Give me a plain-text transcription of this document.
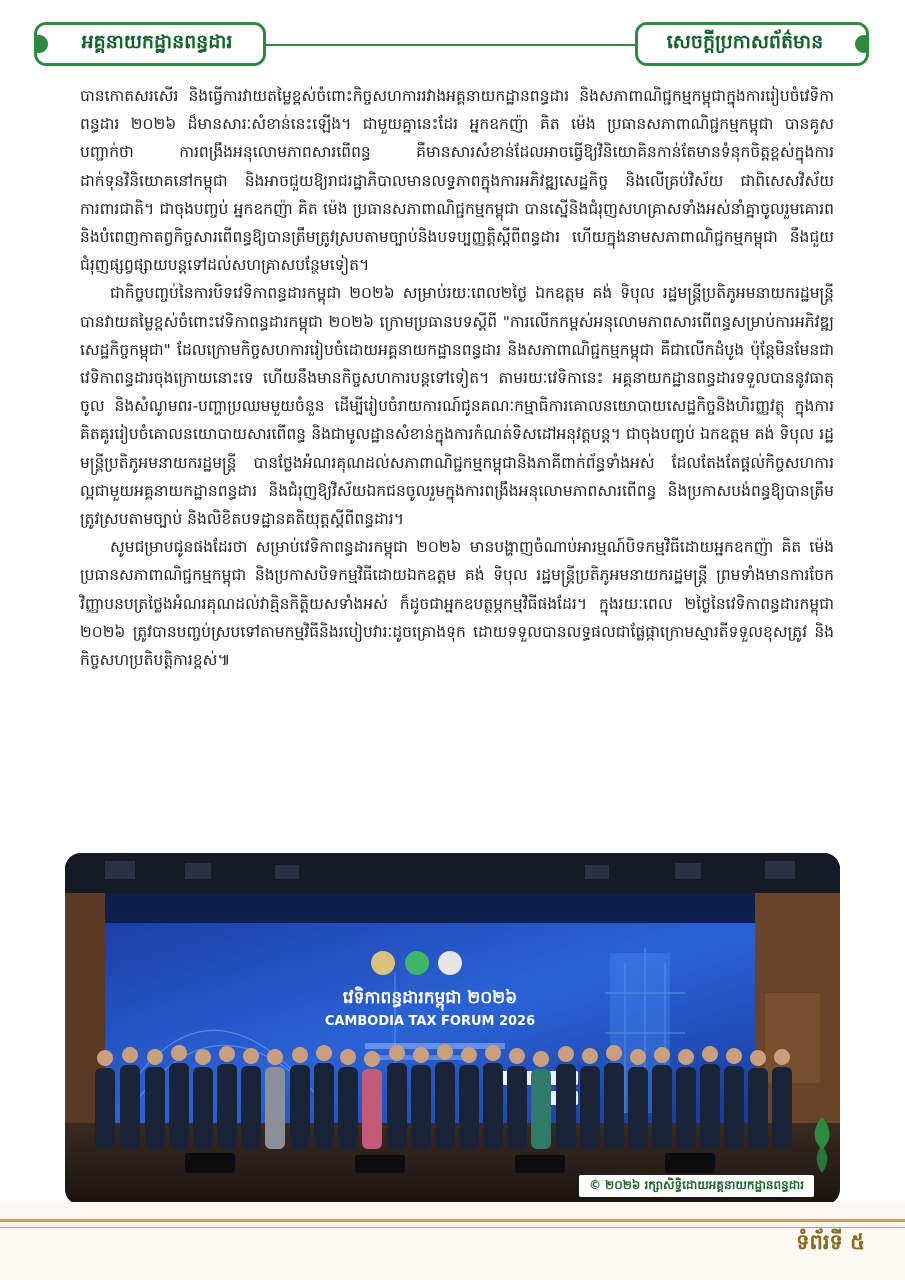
អគ្គនាយកដ្ឋានពន្ធដារ	សេចក្ដីប្រកាសព័ត៌មាន

បានកោតសរសើរ និងធ្វើការវាយតម្លៃខ្ពស់ចំពោះកិច្ចសហការរវាងអគ្គនាយកដ្ឋានពន្ធដារ និងសភាពាណិជ្ជកម្មកម្ពុជាក្នុងការរៀបចំវេទិកាពន្ធដារ ២០២៦ ដ៏មានសារៈសំខាន់នេះឡើង។ ជាមួយគ្នានេះដែរ អ្នកឧកញ៉ា គិត ម៉េង ប្រធានសភាពាណិជ្ជកម្មកម្ពុជា បានគូសបញ្ជាក់ថា ការពង្រឹងអនុលោមភាពសារពើពន្ធ គឺមានសារសំខាន់ដែលអាចធ្វើឱ្យវិនិយោគិនកាន់តែមានទំនុកចិត្តខ្ពស់ក្នុងការដាក់ទុនវិនិយោគនៅកម្ពុជា និងអាចជួយឱ្យរាជរដ្ឋាភិបាលមានលទ្ធភាពក្នុងការអភិវឌ្ឍសេដ្ឋកិច្ច និងលើគ្រប់វិស័យ ជាពិសេសវិស័យការពារជាតិ។ ជាចុងបញ្ចប់ អ្នកឧកញ៉ា គិត ម៉េង ប្រធានសភាពាណិជ្ជកម្មកម្ពុជា បានស្នើនិងជំរុញសហគ្រាសទាំងអស់នាំគ្នាចូលរួមគោរព និងបំពេញកាតព្វកិច្ចសារពើពន្ធឱ្យបានត្រឹមត្រូវស្របតាមច្បាប់និងបទប្បញ្ញត្តិស្ដីពីពន្ធដារ ហើយក្នុងនាមសភាពាណិជ្ជកម្មកម្ពុជា នឹងជួយជំរុញផ្សព្វផ្សាយបន្តទៅដល់សហគ្រាសបន្ថែមទៀត។

ជាកិច្ចបញ្ចប់នៃការបិទវេទិកាពន្ធដារកម្ពុជា ២០២៦ សម្រាប់រយៈពេល២ថ្ងៃ ឯកឧត្តម គង់ ទិបុល រដ្ឋមន្ត្រីប្រតិភូអមនាយករដ្ឋមន្ត្រី បានវាយតម្លៃខ្ពស់ចំពោះវេទិកាពន្ធដារកម្ពុជា ២០២៦ ក្រោមប្រធានបទស្ដីពី "ការលើកកម្ពស់អនុលោមភាពសារពើពន្ធសម្រាប់ការអភិវឌ្ឍសេដ្ឋកិច្ចកម្ពុជា" ដែលក្រោមកិច្ចសហការរៀបចំដោយអគ្គនាយកដ្ឋានពន្ធដារ និងសភាពាណិជ្ជកម្មកម្ពុជា គឺជាលើកដំបូង ប៉ុន្តែមិនមែនជាវេទិកាពន្ធដារចុងក្រោយនោះទេ ហើយនឹងមានកិច្ចសហការបន្តទៅទៀត។ តាមរយៈវេទិកានេះ អគ្គនាយកដ្ឋានពន្ធដារទទួលបាននូវធាតុចូល និងសំណូមពរ-បញ្ហាប្រឈមមួយចំនួន ដើម្បីរៀបចំរាយការណ៍ជូនគណៈកម្មាធិការគោលនយោបាយសេដ្ឋកិច្ចនិងហិរញ្ញវត្ថុ ក្នុងការគិតគូររៀបចំគោលនយោបាយសារពើពន្ធ និងជាមូលដ្ឋានសំខាន់ក្នុងការកំណត់ទិសដៅអនុវត្តបន្ត។ ជាចុងបញ្ចប់ ឯកឧត្តម គង់ ទិបុល រដ្ឋមន្ត្រីប្រតិភូអមនាយករដ្ឋមន្ត្រី បានថ្លែងអំណរគុណដល់សភាពាណិជ្ជកម្មកម្ពុជានិងភាគីពាក់ព័ន្ធទាំងអស់ ដែលតែងតែផ្ដល់កិច្ចសហការល្អជាមួយអគ្គនាយកដ្ឋានពន្ធដារ និងជំរុញឱ្យវិស័យឯកជនចូលរួមក្នុងការពង្រឹងអនុលោមភាពសារពើពន្ធ និងប្រកាសបង់ពន្ធឱ្យបានត្រឹមត្រូវស្របតាមច្បាប់ និងលិខិតបទដ្ឋានគតិយុត្តស្ដីពីពន្ធដារ។

សូមជម្រាបជូនផងដែរថា សម្រាប់វេទិកាពន្ធដារកម្ពុជា ២០២៦ មានបង្ហាញចំណាប់អារម្មណ៍បិទកម្មវិធីដោយអ្នកឧកញ៉ា គិត ម៉េង ប្រធានសភាពាណិជ្ជកម្មកម្ពុជា និងប្រកាសបិទកម្មវិធីដោយឯកឧត្តម គង់ ទិបុល រដ្ឋមន្ត្រីប្រតិភូអមនាយករដ្ឋមន្ត្រី ព្រមទាំងមានការចែកវិញ្ញាបនបត្រថ្លៃងអំណរគុណដល់វាគ្មិនកិត្តិយសទាំងអស់ ក៏ដូចជាអ្នកឧបត្ថម្ភកម្មវិធីផងដែរ។ ក្នុងរយៈពេល ២ថ្ងៃនៃវេទិកាពន្ធដារកម្ពុជា ២០២៦ ត្រូវបានបញ្ចប់ស្របទៅតាមកម្មវិធីនិងរបៀបវារៈដូចគ្រោងទុក ដោយទទួលបានលទ្ធផលជាផ្លែផ្កាក្រោមស្មារតីទទួលខុសត្រូវ និងកិច្ចសហប្រតិបត្តិការខ្ពស់៕

វេទិកាពន្ធដារកម្ពុជា ២០២៦
CAMBODIA TAX FORUM 2026
© ២០២៦ រក្សាសិទ្ធិដោយអគ្គនាយកដ្ឋានពន្ធដារ
ទំព័រទី ៥
